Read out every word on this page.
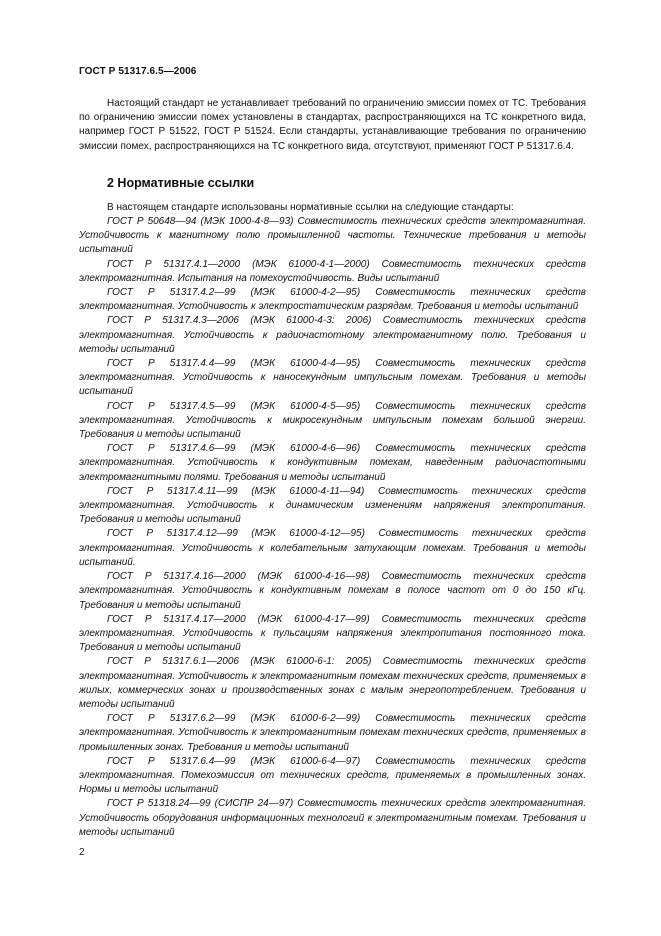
ГОСТ Р 51317.6.5—2006

Настоящий стандарт не устанавливает требований по ограничению эмиссии помех от ТС. Требования по ограничению эмиссии помех установлены в стандартах, распространяющихся на ТС конкретного вида, например ГОСТ Р 51522, ГОСТ Р 51524. Если стандарты, устанавливающие требования по ограничению эмиссии помех, распространяющихся на ТС конкретного вида, отсутствуют, применяют ГОСТ Р 51317.6.4.

2 Нормативные ссылки

В настоящем стандарте использованы нормативные ссылки на следующие стандарты:

ГОСТ Р 50648—94 (МЭК 1000-4-8—93) Совместимость технических средств электромагнитная. Устойчивость к магнитному полю промышленной частоты. Технические требования и методы испытаний

ГОСТ Р 51317.4.1—2000 (МЭК 61000-4-1—2000) Совместимость технических средств электромагнитная. Испытания на помехоустойчивость. Виды испытаний

ГОСТ Р 51317.4.2—99 (МЭК 61000-4-2—95) Совместимость технических средств электромагнитная. Устойчивость к электростатическим разрядам. Требования и методы испытаний

ГОСТ Р 51317.4.3—2006 (МЭК 61000-4-3: 2006) Совместимость технических средств электромагнитная. Устойчивость к радиочастотному электромагнитному полю. Требования и методы испытаний

ГОСТ Р 51317.4.4—99 (МЭК 61000-4-4—95) Совместимость технических средств электромагнитная. Устойчивость к наносекундным импульсным помехам. Требования и методы испытаний

ГОСТ Р 51317.4.5—99 (МЭК 61000-4-5—95) Совместимость технических средств электромагнитная. Устойчивость к микросекундным импульсным помехам большой энергии. Требования и методы испытаний

ГОСТ Р 51317.4.6—99 (МЭК 61000-4-6—96) Совместимость технических средств электромагнитная. Устойчивость к кондуктивным помехам, наведенным радиочастотными электромагнитными полями. Требования и методы испытаний

ГОСТ Р 51317.4.11—99 (МЭК 61000-4-11—94) Совместимость технических средств электромагнитная. Устойчивость к динамическим изменениям напряжения электропитания. Требования и методы испытаний

ГОСТ Р 51317.4.12—99 (МЭК 61000-4-12—95) Совместимость технических средств электромагнитная. Устойчивость к колебательным затухающим помехам. Требования и методы испытаний.

ГОСТ Р 51317.4.16—2000 (МЭК 61000-4-16—98) Совместимость технических средств электромагнитная. Устойчивость к кондуктивным помехам в полосе частот от 0 до 150 кГц. Требования и методы испытаний

ГОСТ Р 51317.4.17—2000 (МЭК 61000-4-17—99) Совместимость технических средств электромагнитная. Устойчивость к пульсациям напряжения электропитания постоянного тока. Требования и методы испытаний

ГОСТ Р 51317.6.1—2006 (МЭК 61000-6-1: 2005) Совместимость технических средств электромагнитная. Устойчивость к электромагнитным помехам технических средств, применяемых в жилых, коммерческих зонах и производственных зонах с малым энергопотреблением. Требования и методы испытаний

ГОСТ Р 51317.6.2—99 (МЭК 61000-6-2—99) Совместимость технических средств электромагнитная. Устойчивость к электромагнитным помехам технических средств, применяемых в промышленных зонах. Требования и методы испытаний

ГОСТ Р 51317.6.4—99 (МЭК 61000-6-4—97) Совместимость технических средств электромагнитная. Помехоэмиссия от технических средств, применяемых в промышленных зонах. Нормы и методы испытаний

ГОСТ Р 51318.24—99 (СИСПР 24—97) Совместимость технических средств электромагнитная. Устойчивость оборудования информационных технологий к электромагнитным помехам. Требования и методы испытаний

2
